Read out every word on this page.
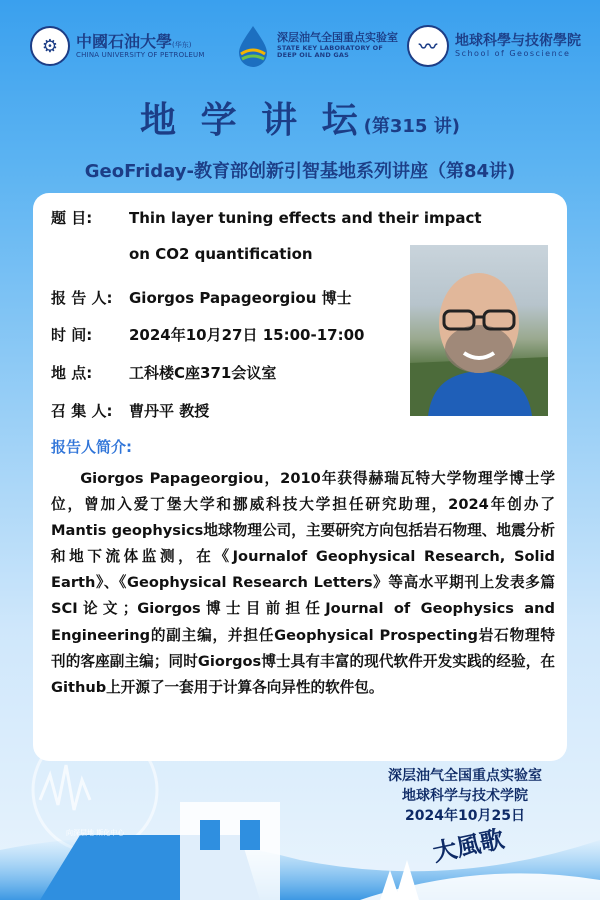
⚙	中國石油大學(华东)
CHINA UNIVERSITY OF PETROLEUM
深层油气全国重点实验室
STATE KEY LABORATORY OF
DEEP OIL AND GAS	〰	地球科學与技術學院
School of Geoscience
地 学 讲 坛(第315 讲)
GeoFriday-教育部创新引智基地系列讲座（第84讲)
题 目: Thin layer tuning effects and their impact
on CO2 quantification
报 告 人: Giorgos Papageorgiou 博士
时 间: 2024年10月27日 15:00-17:00
地 点: 工科楼C座371会议室
召 集 人: 曹丹平 教授
报告人简介:
Giorgos Papageorgiou，2010年获得赫瑞瓦特大学物理学博士学位，曾加入爱丁堡大学和挪威科技大学担任研究助理，2024年创办了Mantis geophysics地球物理公司，主要研究方向包括岩石物理、地震分析和地下流体监测，在《Journalof Geophysical Research, Solid Earth》、《Geophysical Research Letters》等高水平期刊上发表多篇SCI论文；Giorgos博士目前担任Journal of Geophysics and Engineering的副主编，并担任Geophysical Prospecting岩石物理特刊的客座副主编；同时Giorgos博士具有丰富的现代软件开发实践的经验，在Github上开源了一套用于计算各向异性的软件包。
向深层地 斯化中心	大風歌
深层油气全国重点实验室
地球科学与技术学院
2024年10月25日
